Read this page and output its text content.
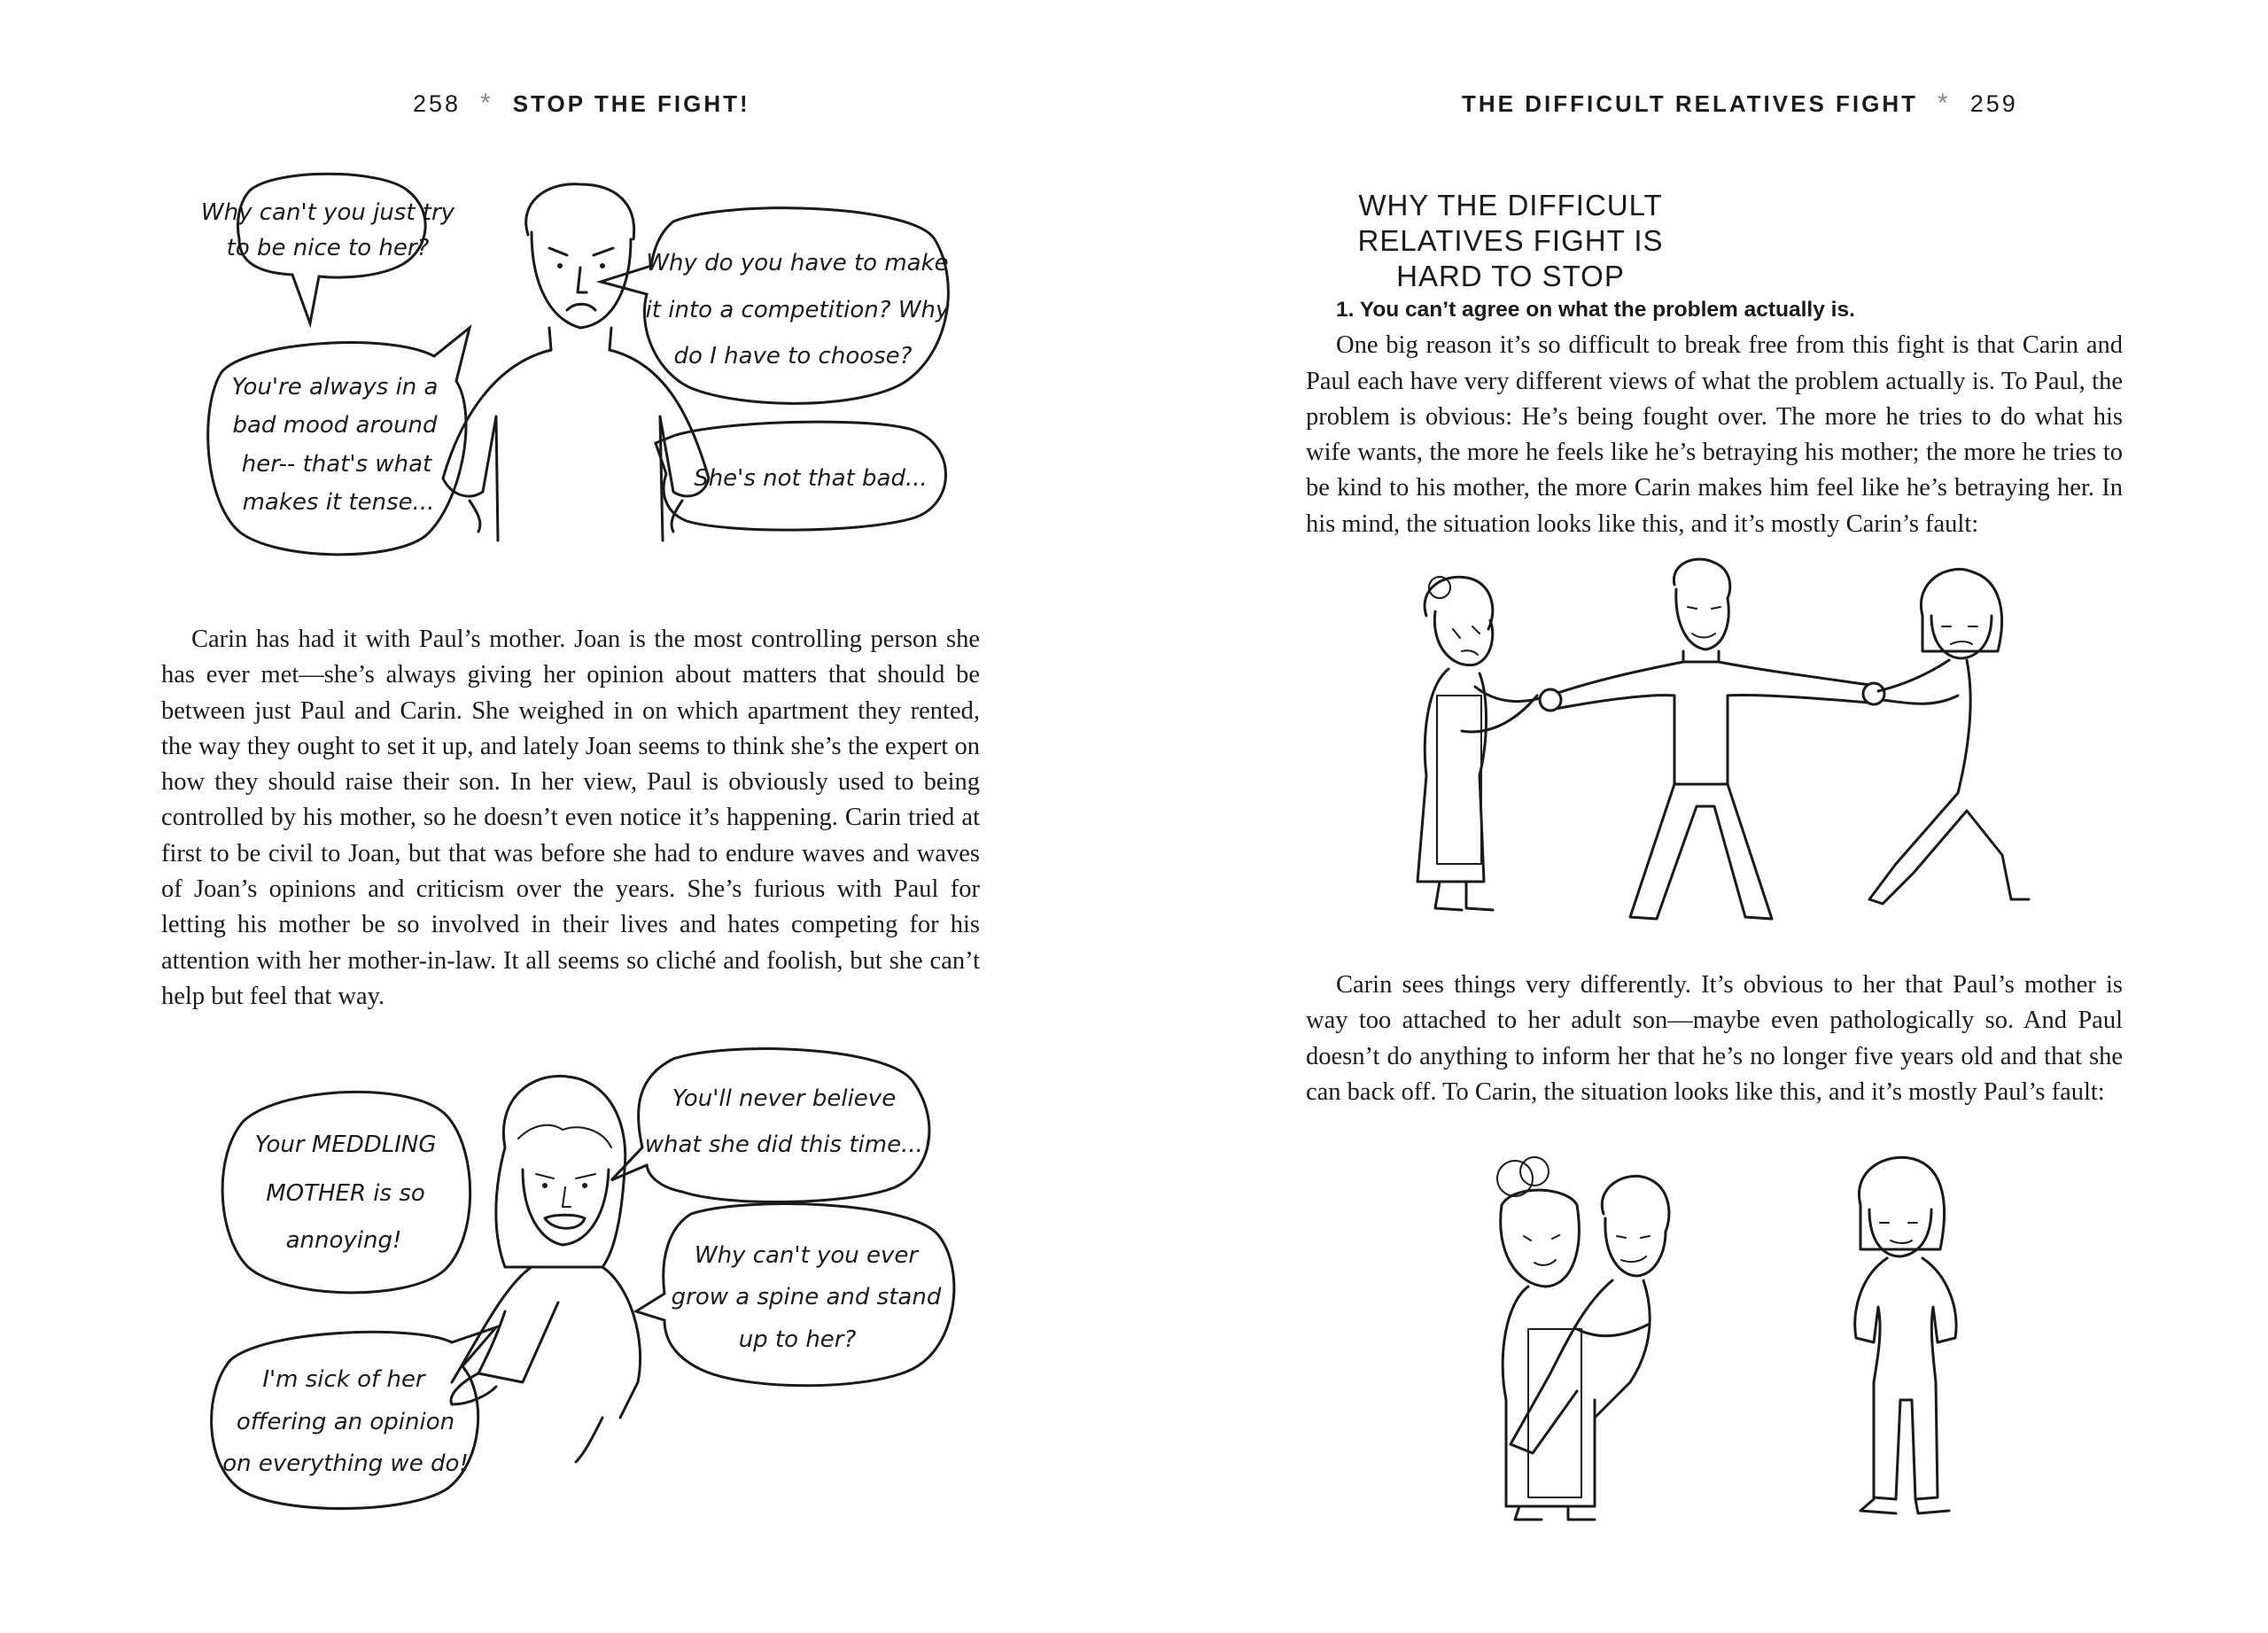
258 * STOP THE FIGHT!
Why can't you just try
to be nice to her?
Why do you have to make
it into a competition? Why
do I have to choose?
You're always in a
bad mood around
her-- that's what
makes it tense...
She's not that bad...

Carin has had it with Paul’s mother. Joan is the most controlling person she has ever met—she’s always giving her opinion about matters that should be between just Paul and Carin. She weighed in on which apartment they rented, the way they ought to set it up, and lately Joan seems to think she’s the expert on how they should raise their son. In her view, Paul is obviously used to being controlled by his mother, so he doesn’t even notice it’s happening. Carin tried at first to be civil to Joan, but that was before she had to endure waves and waves of Joan’s opinions and criticism over the years. She’s furious with Paul for letting his mother be so involved in their lives and hates competing for his attention with her mother-in-law. It all seems so cliché and foolish, but she can’t help but feel that way.

Your MEDDLING
MOTHER is so
annoying!
You'll never believe
what she did this time...!
Why can't you ever
grow a spine and stand
up to her?
I'm sick of her
offering an opinion
on everything we do!
THE DIFFICULT RELATIVES FIGHT * 259
WHY THE DIFFICULT RELATIVES FIGHT IS
HARD TO STOP

1. You can’t agree on what the problem actually is.

One big reason it’s so difficult to break free from this fight is that Carin and Paul each have very different views of what the problem actually is. To Paul, the problem is obvious: He’s being fought over. The more he tries to do what his wife wants, the more he feels like he’s betraying his mother; the more he tries to be kind to his mother, the more Carin makes him feel like he’s betraying her. In his mind, the situation looks like this, and it’s mostly Carin’s fault:

Carin sees things very differently. It’s obvious to her that Paul’s mother is way too attached to her adult son—maybe even pathologically so. And Paul doesn’t do anything to inform her that he’s no longer five years old and that she can back off. To Carin, the situation looks like this, and it’s mostly Paul’s fault:
